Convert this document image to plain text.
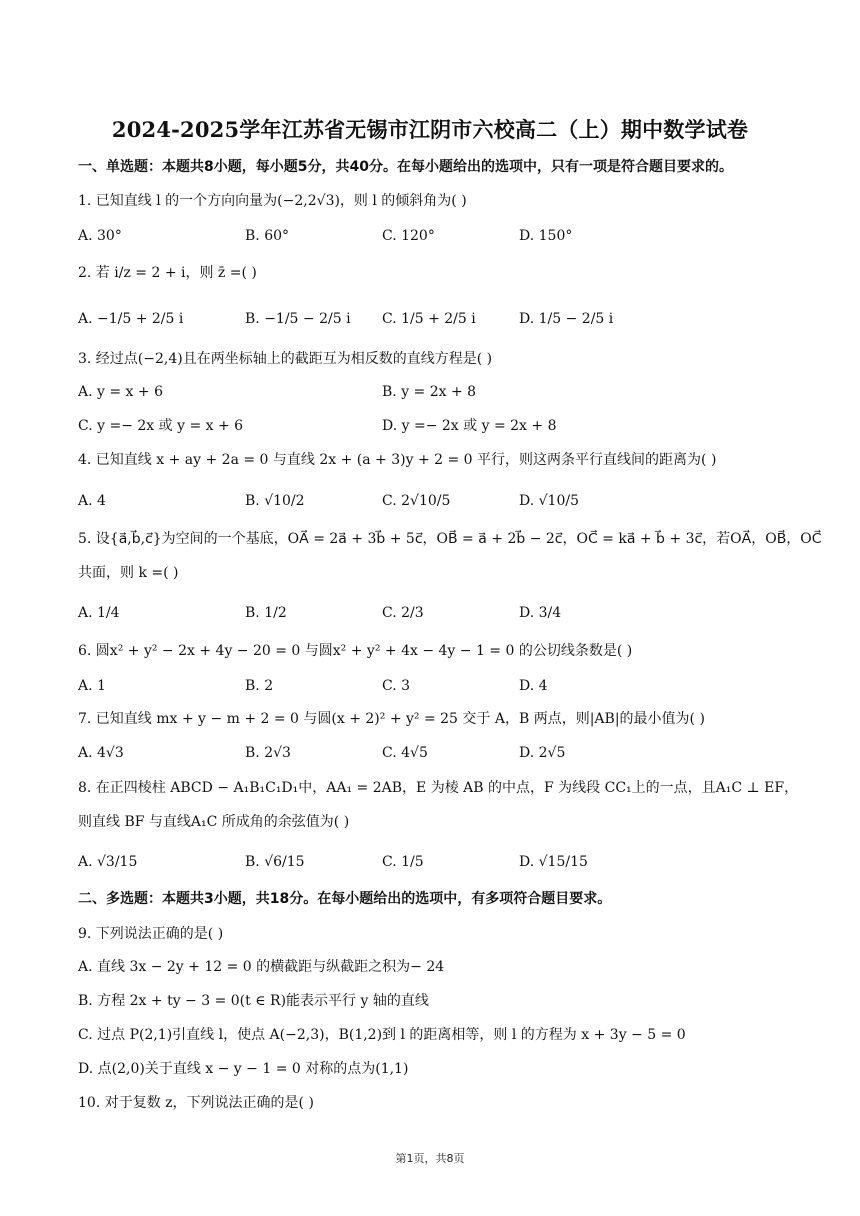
2024-2025学年江苏省无锡市江阴市六校高二（上）期中数学试卷
一、单选题：本题共8小题，每小题5分，共40分。在每小题给出的选项中，只有一项是符合题目要求的。
1. 已知直线 l 的一个方向向量为(−2,2√3)，则 l 的倾斜角为( )
A. 30°	B. 60°	C. 120°	D. 150°
2. 若 i/z = 2 + i，则 z̄ =( )
A. −1/5 + 2/5 i	B. −1/5 − 2/5 i C. 1/5 + 2/5 i	D. 1/5 − 2/5 i
3. 经过点(−2,4)且在两坐标轴上的截距互为相反数的直线方程是( )
A. y = x + 6	B. y = 2x + 8
C. y =− 2x 或 y = x + 6	D. y =− 2x 或 y = 2x + 8
4. 已知直线 x + ay + 2a = 0 与直线 2x + (a + 3)y + 2 = 0 平行，则这两条平行直线间的距离为( )
A. 4	B. √10/2	C. 2√10/5	D. √10/5
5. 设{a⃗,b⃗,c⃗}为空间的一个基底，OA⃗ = 2a⃗ + 3b⃗ + 5c⃗，OB⃗ = a⃗ + 2b⃗ − 2c⃗，OC⃗ = ka⃗ + b⃗ + 3c⃗，若OA⃗，OB⃗，OC⃗
共面，则 k =( )
A. 1/4	B. 1/2	C. 2/3	D. 3/4
6. 圆x² + y² − 2x + 4y − 20 = 0 与圆x² + y² + 4x − 4y − 1 = 0 的公切线条数是( )
A. 1	B. 2	C. 3	D. 4
7. 已知直线 mx + y − m + 2 = 0 与圆(x + 2)² + y² = 25 交于 A，B 两点，则|AB|的最小值为( )
A. 4√3	B. 2√3	C. 4√5	D. 2√5
8. 在正四棱柱 ABCD − A₁B₁C₁D₁中，AA₁ = 2AB，E 为棱 AB 的中点，F 为线段 CC₁上的一点，且A₁C ⊥ EF，
则直线 BF 与直线A₁C 所成角的余弦值为( )
A. √3/15	B. √6/15	C. 1/5	D. √15/15
二、多选题：本题共3小题，共18分。在每小题给出的选项中，有多项符合题目要求。
9. 下列说法正确的是( )
A. 直线 3x − 2y + 12 = 0 的横截距与纵截距之积为− 24
B. 方程 2x + ty − 3 = 0(t ∈ R)能表示平行 y 轴的直线
C. 过点 P(2,1)引直线 l，使点 A(−2,3)，B(1,2)到 l 的距离相等，则 l 的方程为 x + 3y − 5 = 0
D. 点(2,0)关于直线 x − y − 1 = 0 对称的点为(1,1)
10. 对于复数 z，下列说法正确的是( )
第1页，共8页
